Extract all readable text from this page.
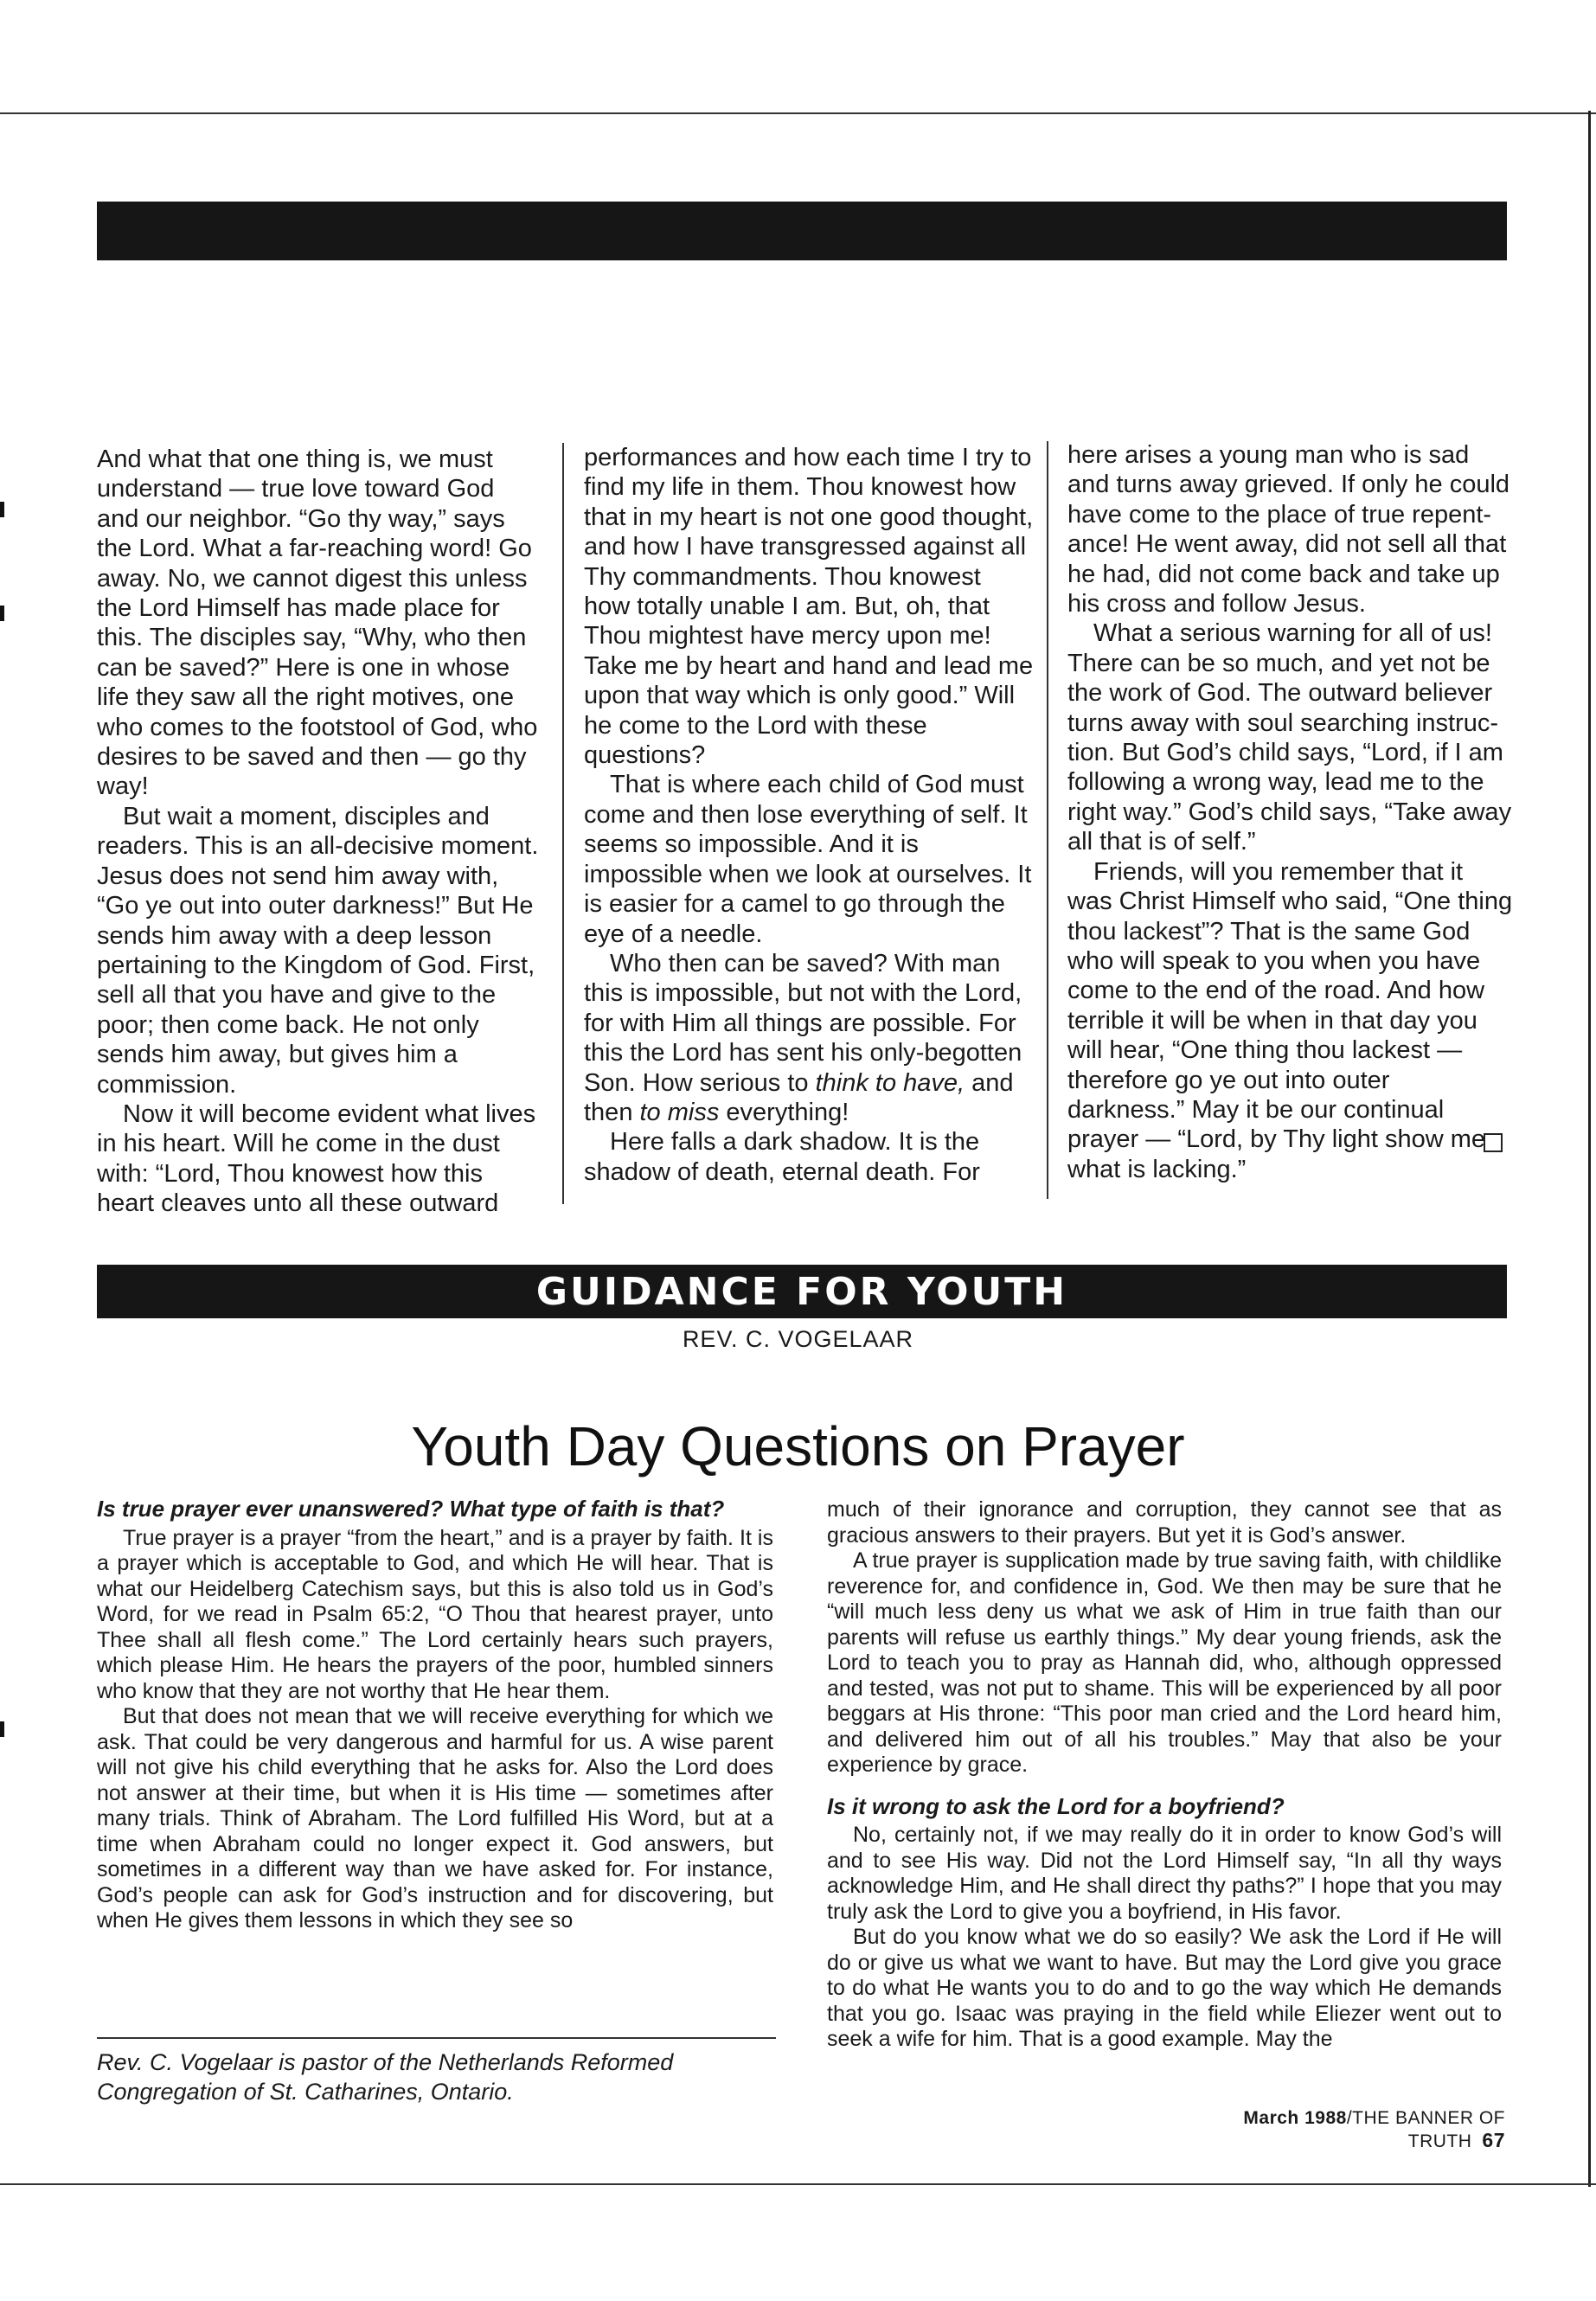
And what that one thing is, we must understand — true love toward God and our neighbor. “Go thy way,” says the Lord. What a far-reaching word! Go away. No, we cannot digest this unless the Lord Himself has made place for this. The disciples say, “Why, who then can be saved?” Here is one in whose life they saw all the right motives, one who comes to the footstool of God, who desires to be saved and then — go thy way!

But wait a moment, disciples and readers. This is an all-decisive moment. Jesus does not send him away with, “Go ye out into outer darkness!” But He sends him away with a deep lesson pertaining to the Kingdom of God. First, sell all that you have and give to the poor; then come back. He not only sends him away, but gives him a commission.

Now it will become evident what lives in his heart. Will he come in the dust with: “Lord, Thou knowest how this heart cleaves unto all these outward

performances and how each time I try to find my life in them. Thou knowest how that in my heart is not one good thought, and how I have transgressed against all Thy commandments. Thou knowest how totally unable I am. But, oh, that Thou mightest have mercy upon me! Take me by heart and hand and lead me upon that way which is only good.” Will he come to the Lord with these questions?

That is where each child of God must come and then lose everything of self. It seems so impossible. And it is impossible when we look at ourselves. It is easier for a camel to go through the eye of a needle.

Who then can be saved? With man this is impossible, but not with the Lord, for with Him all things are possible. For this the Lord has sent his only-begotten Son. How serious to think to have, and then to miss everything!

Here falls a dark shadow. It is the shadow of death, eternal death. For

here arises a young man who is sad and turns away grieved. If only he could have come to the place of true repentance! He went away, did not sell all that he had, did not come back and take up his cross and follow Jesus.

What a serious warning for all of us! There can be so much, and yet not be the work of God. The outward believer turns away with soul searching instruction. But God’s child says, “Lord, if I am following a wrong way, lead me to the right way.” God’s child says, “Take away all that is of self.”

Friends, will you remember that it was Christ Himself who said, “One thing thou lackest”? That is the same God who will speak to you when you have come to the end of the road. And how terrible it will be when in that day you will hear, “One thing thou lackest — therefore go ye out into outer darkness.” May it be our continual prayer — “Lord, by Thy light show me what is lacking.”

GUIDANCE FOR YOUTH
REV. C. VOGELAAR
Youth Day Questions on Prayer

Is true prayer ever unanswered? What type of faith is that?

True prayer is a prayer “from the heart,” and is a prayer by faith. It is a prayer which is acceptable to God, and which He will hear. That is what our Heidelberg Catechism says, but this is also told us in God’s Word, for we read in Psalm 65:2, “O Thou that hearest prayer, unto Thee shall all flesh come.” The Lord certainly hears such prayers, which please Him. He hears the prayers of the poor, humbled sinners who know that they are not worthy that He hear them.

But that does not mean that we will receive everything for which we ask. That could be very dangerous and harmful for us. A wise parent will not give his child everything that he asks for. Also the Lord does not answer at their time, but when it is His time — sometimes after many trials. Think of Abraham. The Lord fulfilled His Word, but at a time when Abraham could no longer expect it. God answers, but sometimes in a different way than we have asked for. For instance, God’s people can ask for God’s instruction and for discovering, but when He gives them lessons in which they see so

much of their ignorance and corruption, they cannot see that as gracious answers to their prayers. But yet it is God’s answer.

A true prayer is supplication made by true saving faith, with childlike reverence for, and confidence in, God. We then may be sure that he “will much less deny us what we ask of Him in true faith than our parents will refuse us earthly things.” My dear young friends, ask the Lord to teach you to pray as Hannah did, who, although oppressed and tested, was not put to shame. This will be experienced by all poor beggars at His throne: “This poor man cried and the Lord heard him, and delivered him out of all his troubles.” May that also be your experience by grace.

Is it wrong to ask the Lord for a boyfriend?

No, certainly not, if we may really do it in order to know God’s will and to see His way. Did not the Lord Himself say, “In all thy ways acknowledge Him, and He shall direct thy paths?” I hope that you may truly ask the Lord to give you a boyfriend, in His favor.

But do you know what we do so easily? We ask the Lord if He will do or give us what we want to have. But may the Lord give you grace to do what He wants you to do and to go the way which He demands that you go. Isaac was praying in the field while Eliezer went out to seek a wife for him. That is a good example. May the

Rev. C. Vogelaar is pastor of the Netherlands Reformed Congregation of St. Catharines, Ontario.
March 1988/THE BANNER OF TRUTH 67
